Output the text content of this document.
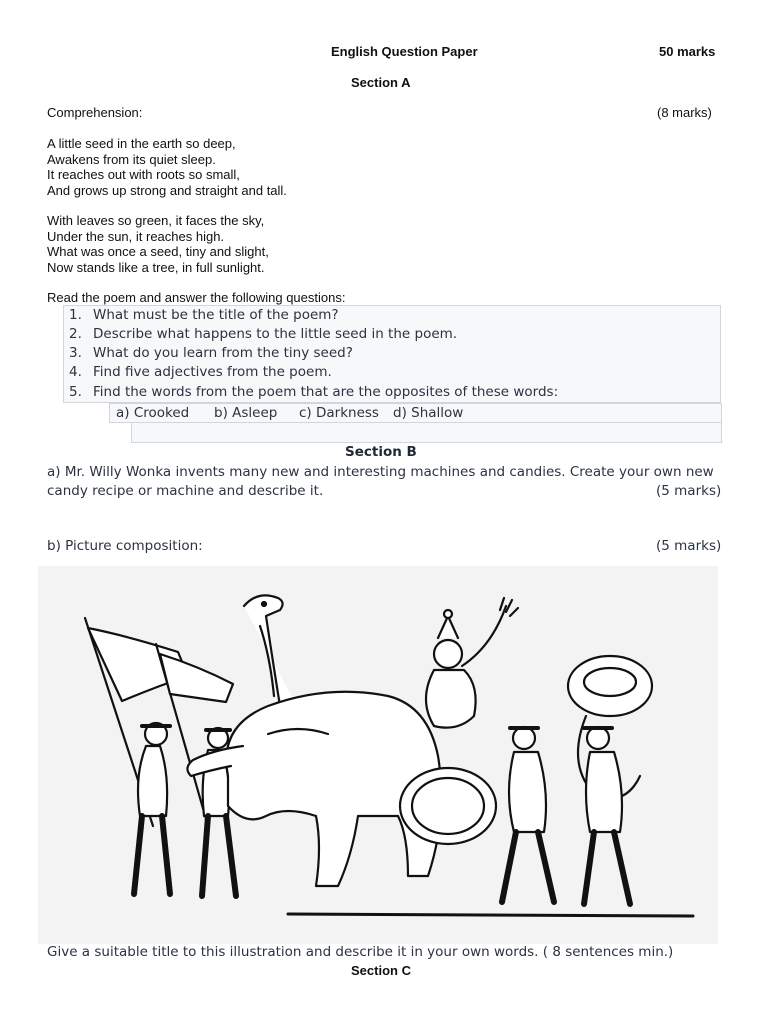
English Question Paper	50 marks
Section A
Comprehension:	(8 marks)
A little seed in the earth so deep,
Awakens from its quiet sleep.
It reaches out with roots so small,
And grows up strong and straight and tall.
With leaves so green, it faces the sky,
Under the sun, it reaches high.
What was once a seed, tiny and slight,
Now stands like a tree, in full sunlight.
Read the poem and answer the following questions:
1. What must be the title of the poem?
2. Describe what happens to the little seed in the poem.
3. What do you learn from the tiny seed?
4. Find five adjectives from the poem.
5. Find the words from the poem that are the opposites of these words:
a) Crooked b) Asleep c) Darkness d) Shallow
Section B
a) Mr. Willy Wonka invents many new and interesting machines and candies. Create your own new
candy recipe or machine and describe it.	(5 marks)
b) Picture composition:	(5 marks)
Give a suitable title to this illustration and describe it in your own words. ( 8 sentences min.)
Section C
